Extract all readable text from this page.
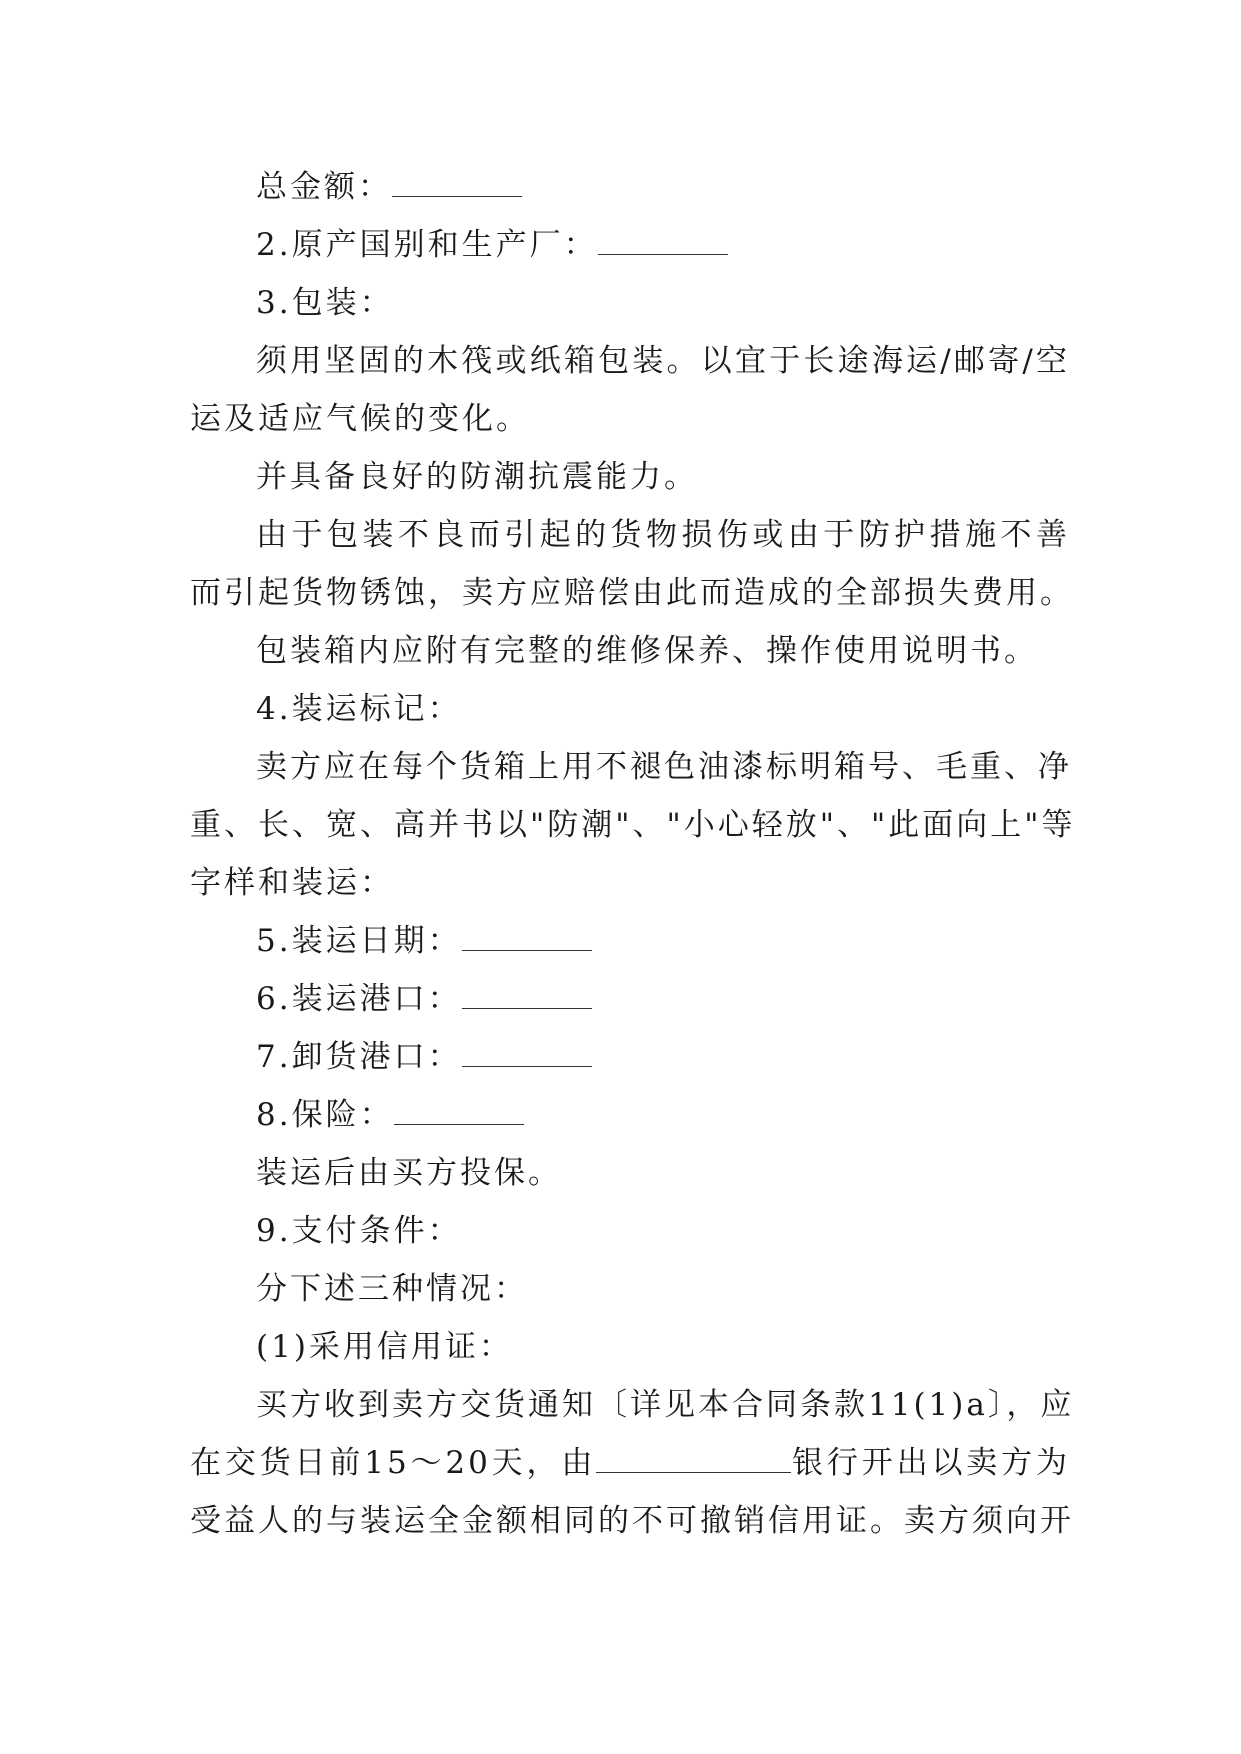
总金额：
2.原产国别和生产厂：
3.包装：
须用坚固的木筏或纸箱包装。以宜于长途海运/邮寄/空
运及适应气候的变化。
并具备良好的防潮抗震能力。
由于包装不良而引起的货物损伤或由于防护措施不善
而引起货物锈蚀，卖方应赔偿由此而造成的全部损失费用。
包装箱内应附有完整的维修保养、操作使用说明书。
4.装运标记：
卖方应在每个货箱上用不褪色油漆标明箱号、毛重、净
重、长、宽、高并书以"防潮"、"小心轻放"、"此面向上"等
字样和装运：
5.装运日期：
6.装运港口：
7.卸货港口：
8.保险：
装运后由买方投保。
9.支付条件：
分下述三种情况：
(1)采用信用证：
买方收到卖方交货通知〔详见本合同条款11(1)a〕，应
在交货日前15～20天，由	银行开出以卖方为
受益人的与装运全金额相同的不可撤销信用证。卖方须向开
